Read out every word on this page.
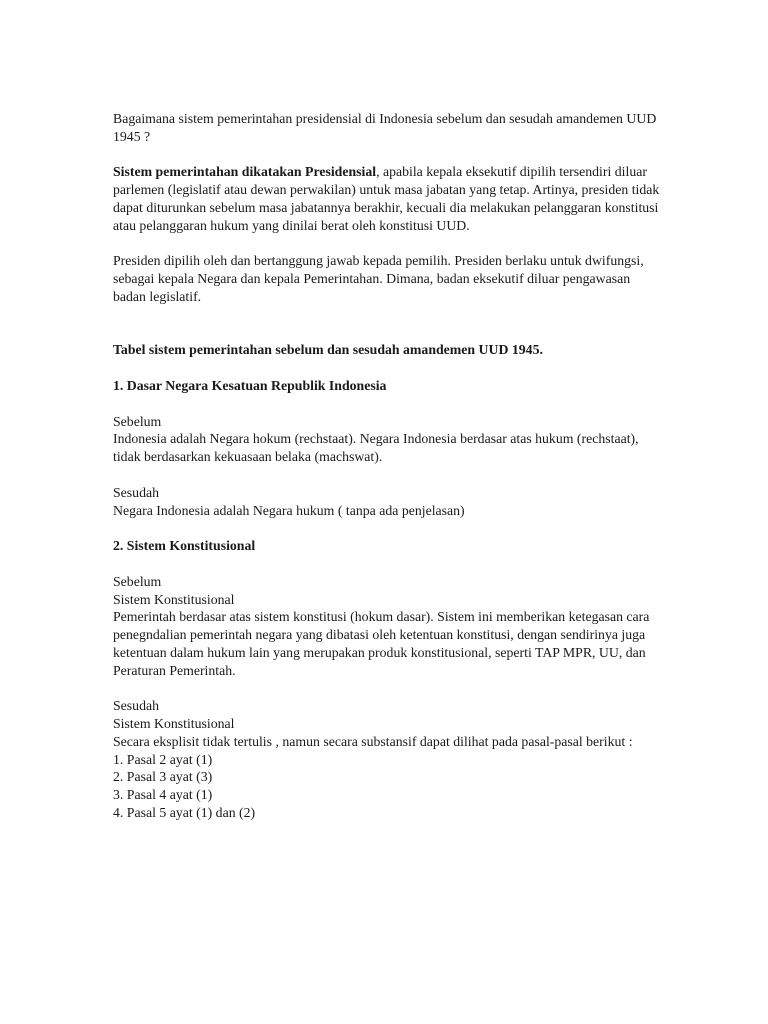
Bagaimana sistem pemerintahan presidensial di Indonesia sebelum dan sesudah amandemen UUD 1945 ?

Sistem pemerintahan dikatakan Presidensial, apabila kepala eksekutif dipilih tersendiri diluar parlemen (legislatif atau dewan perwakilan) untuk masa jabatan yang tetap. Artinya, presiden tidak dapat diturunkan sebelum masa jabatannya berakhir, kecuali dia melakukan pelanggaran konstitusi atau pelanggaran hukum yang dinilai berat oleh konstitusi UUD.

Presiden dipilih oleh dan bertanggung jawab kepada pemilih. Presiden berlaku untuk dwifungsi, sebagai kepala Negara dan kepala Pemerintahan. Dimana, badan eksekutif diluar pengawasan badan legislatif.

Tabel sistem pemerintahan sebelum dan sesudah amandemen UUD 1945.

1. Dasar Negara Kesatuan Republik Indonesia

Sebelum

Indonesia adalah Negara hokum (rechstaat). Negara Indonesia berdasar atas hukum (rechstaat), tidak berdasarkan kekuasaan belaka (machswat).

Sesudah

Negara Indonesia adalah Negara hukum ( tanpa ada penjelasan)

2. Sistem Konstitusional

Sebelum

Sistem Konstitusional

Pemerintah berdasar atas sistem konstitusi (hokum dasar). Sistem ini memberikan ketegasan cara penegndalian pemerintah negara yang dibatasi oleh ketentuan konstitusi, dengan sendirinya juga ketentuan dalam hukum lain yang merupakan produk konstitusional, seperti TAP MPR, UU, dan Peraturan Pemerintah.

Sesudah

Sistem Konstitusional

Secara eksplisit tidak tertulis , namun secara substansif dapat dilihat pada pasal-pasal berikut :

1. Pasal 2 ayat (1)

2. Pasal 3 ayat (3)

3. Pasal 4 ayat (1)

4. Pasal 5 ayat (1) dan (2)
